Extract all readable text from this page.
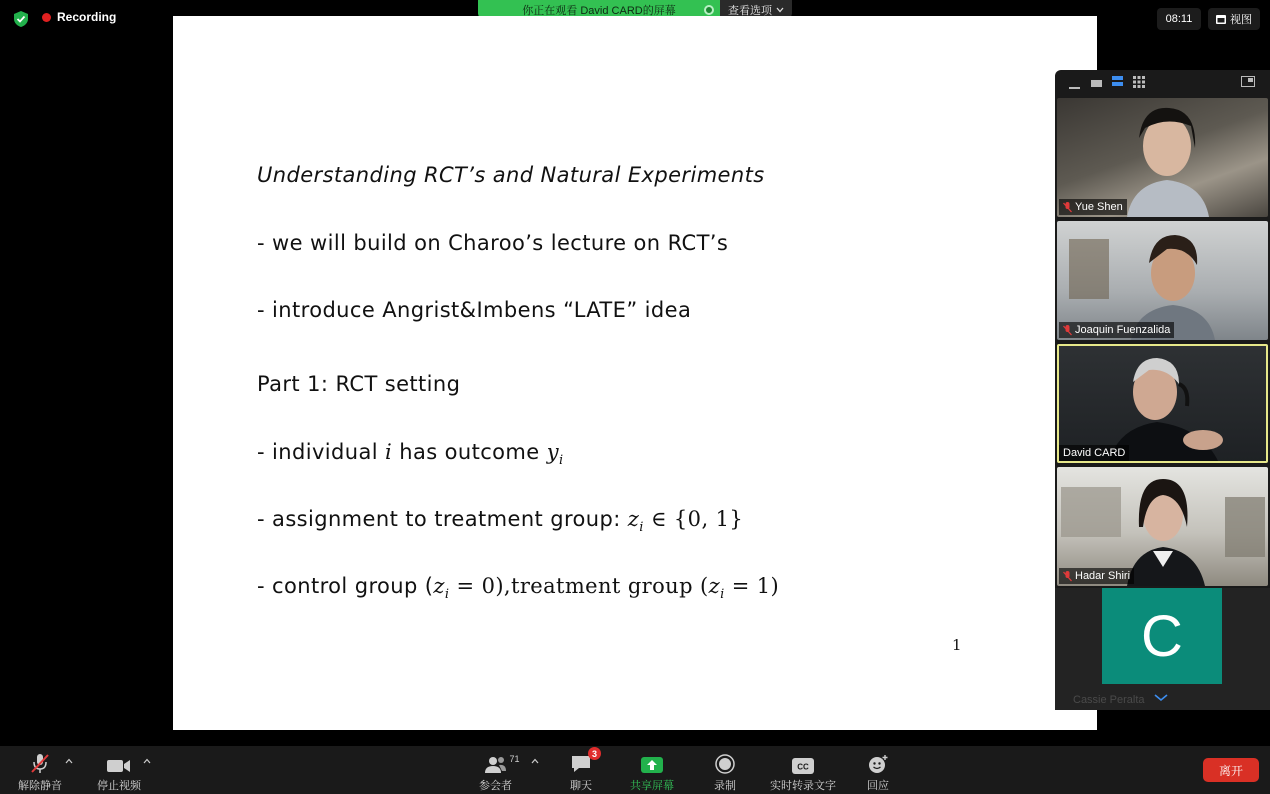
Recording	你正在观看 David CARD的屏幕	查看选项
08:11	视图
Understanding RCT’s and Natural Experiments
- we will build on Charoo’s lecture on RCT’s
- introduce Angrist&Imbens “LATE” idea
Part 1: RCT setting
- individual i has outcome $y_i$
- assignment to treatment group: $z_i$ ∈ {0, 1}
- control group ($z_i$ = 0),treatment group $(z_i = 1)$
1
Yue Shen
Joaquin Fuenzalida
David CARD
Hadar Shiri
C
Cassie Peralta
解除静音	停止视频
71
参会者
3
聊天	共享屏幕	录制
CC
实时转录文字	回应
离开
